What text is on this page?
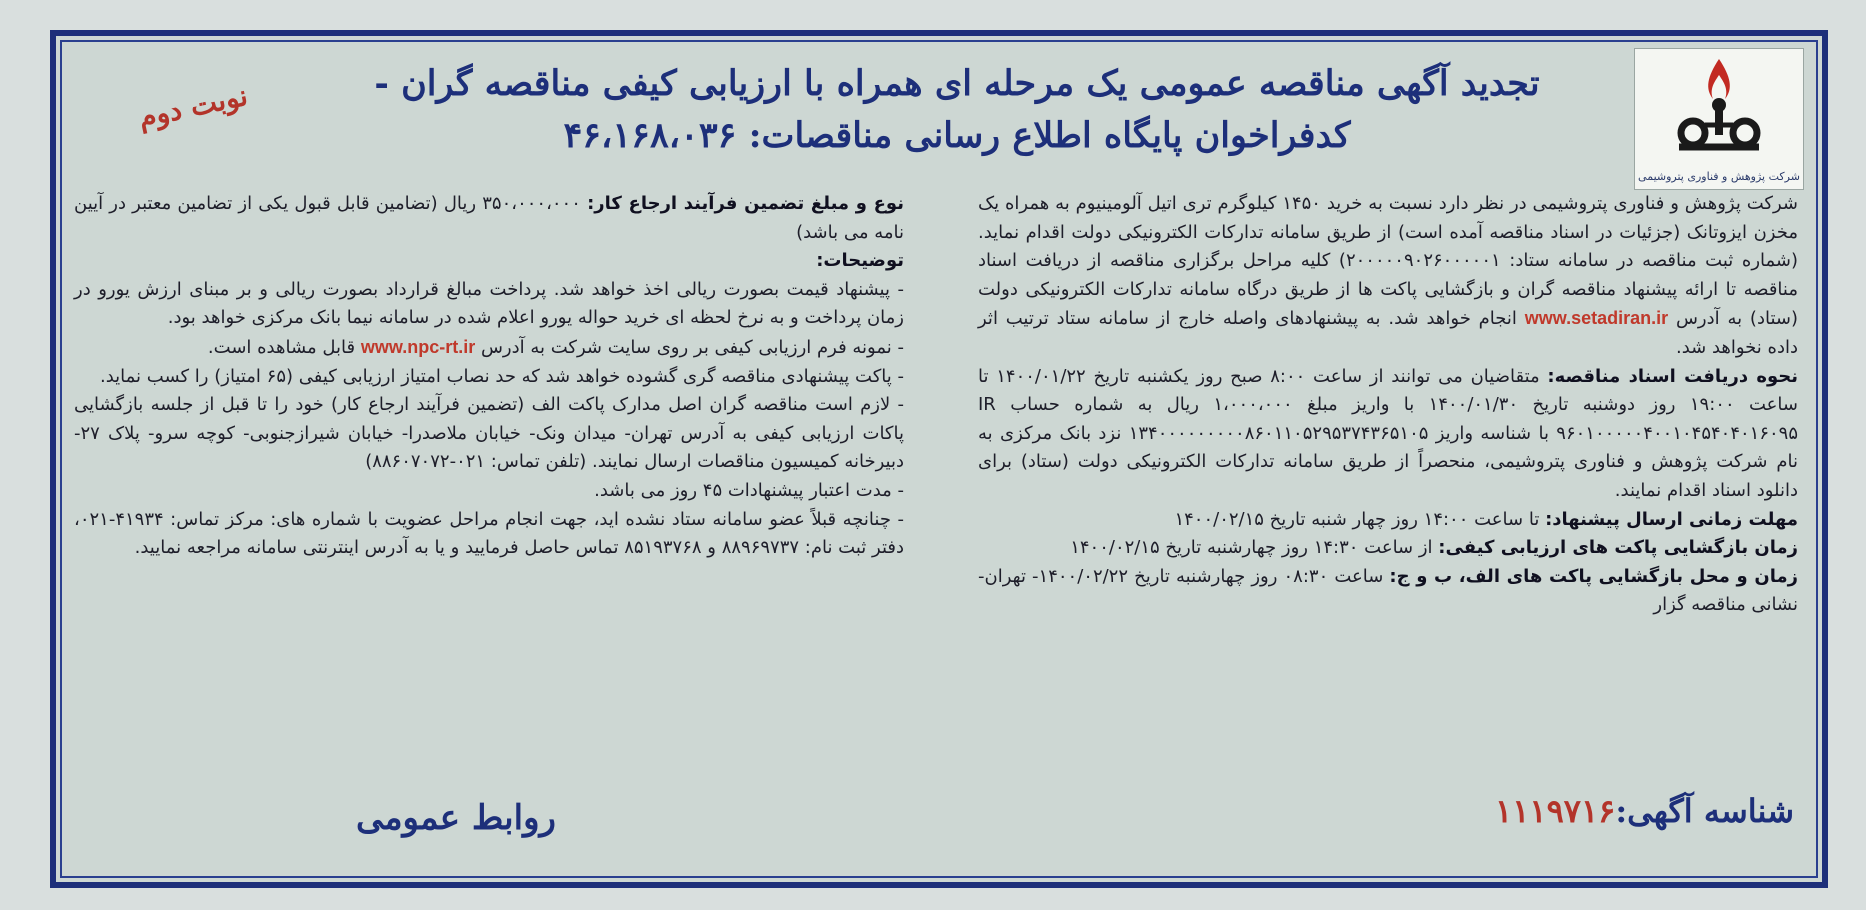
شرکت پژوهش و فناوری پتروشیمی
تجدید آگهی مناقصه عمومی یک مرحله ای همراه با ارزیابی کیفی مناقصه گران -
کدفراخوان پایگاه اطلاع رسانی مناقصات: ۴۶،۱۶۸،۰۳۶
نوبت دوم

شرکت پژوهش و فناوری پتروشیمی در نظر دارد نسبت به خرید ۱۴۵۰ کیلوگرم تری اتیل آلومینیوم به همراه یک مخزن ایزوتانک (جزئیات در اسناد مناقصه آمده است) از طریق سامانه تدارکات الکترونیکی دولت اقدام نماید. (شماره ثبت مناقصه در سامانه ستاد: ۲۰۰۰۰۰۹۰۲۶۰۰۰۰۰۱) کلیه مراحل برگزاری مناقصه از دریافت اسناد مناقصه تا ارائه پیشنهاد مناقصه گران و بازگشایی پاکت ها از طریق درگاه سامانه تدارکات الکترونیکی دولت (ستاد) به آدرس www.setadiran.ir انجام خواهد شد. به پیشنهادهای واصله خارج از سامانه ستاد ترتیب اثر داده نخواهد شد.

نحوه دریافت اسناد مناقصه: متقاضیان می توانند از ساعت ۸:۰۰ صبح روز یکشنبه تاریخ ۱۴۰۰/۰۱/۲۲ تا ساعت ۱۹:۰۰ روز دوشنبه تاریخ ۱۴۰۰/۰۱/۳۰ با واریز مبلغ ۱،۰۰۰،۰۰۰ ریال به شماره حساب IR ۹۶۰۱۰۰۰۰۰۴۰۰۱۰۴۵۴۰۴۰۱۶۰۹۵ با شناسه واریز ۱۳۴۰۰۰۰۰۰۰۰۰۸۶۰۱۱۰۵۲۹۵۳۷۴۳۶۵۱۰۵ نزد بانک مرکزی به نام شرکت پژوهش و فناوری پتروشیمی، منحصراً از طریق سامانه تدارکات الکترونیکی دولت (ستاد) برای دانلود اسناد اقدام نمایند.

مهلت زمانی ارسال پیشنهاد: تا ساعت ۱۴:۰۰ روز چهار شنبه تاریخ ۱۴۰۰/۰۲/۱۵

زمان بازگشایی پاکت های ارزیابی کیفی: از ساعت ۱۴:۳۰ روز چهارشنبه تاریخ ۱۴۰۰/۰۲/۱۵

زمان و محل بازگشایی پاکت های الف، ب و ج: ساعت ۰۸:۳۰ روز چهارشنبه تاریخ ۱۴۰۰/۰۲/۲۲- تهران- نشانی مناقصه گزار

نوع و مبلغ تضمین فرآیند ارجاع کار: ۳۵۰،۰۰۰،۰۰۰ ریال (تضامین قابل قبول یکی از تضامین معتبر در آیین نامه می باشد)

توضیحات:

- پیشنهاد قیمت بصورت ریالی اخذ خواهد شد. پرداخت مبالغ قرارداد بصورت ریالی و بر مبنای ارزش یورو در زمان پرداخت و به نرخ لحظه ای خرید حواله یورو اعلام شده در سامانه نیما بانک مرکزی خواهد بود.

- نمونه فرم ارزیابی کیفی بر روی سایت شرکت به آدرس www.npc-rt.ir قابل مشاهده است.

- پاکت پیشنهادی مناقصه گری گشوده خواهد شد که حد نصاب امتیاز ارزیابی کیفی (۶۵ امتیاز) را کسب نماید.

- لازم است مناقصه گران اصل مدارک پاکت الف (تضمین فرآیند ارجاع کار) خود را تا قبل از جلسه بازگشایی پاکات ارزیابی کیفی به آدرس تهران- میدان ونک- خیابان ملاصدرا- خیابان شیرازجنوبی- کوچه سرو- پلاک ۲۷- دبیرخانه کمیسیون مناقصات ارسال نمایند. (تلفن تماس: ۰۲۱-۸۸۶۰۷۰۷۲)

- مدت اعتبار پیشنهادات ۴۵ روز می باشد.

- چنانچه قبلاً عضو سامانه ستاد نشده اید، جهت انجام مراحل عضویت با شماره های: مرکز تماس: ۴۱۹۳۴-۰۲۱، دفتر ثبت نام: ۸۸۹۶۹۷۳۷ و ۸۵۱۹۳۷۶۸ تماس حاصل فرمایید و یا به آدرس اینترنتی سامانه مراجعه نمایید.

شناسه آگهی:۱۱۱۹۷۱۶
روابط عمومی
